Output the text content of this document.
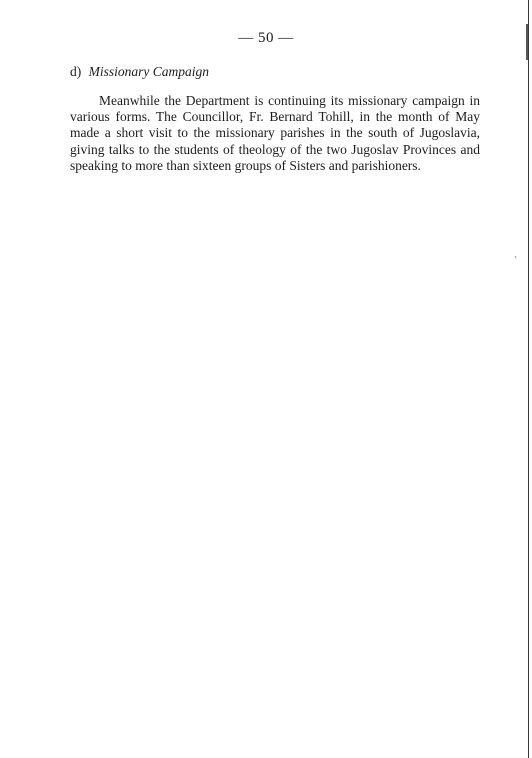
— 50 —
d) Missionary Campaign

Meanwhile the Department is continuing its missionary campaign in various forms. The Councillor, Fr. Bernard Tohill, in the month of May made a short visit to the missionary parishes in the south of Jugoslavia, giving talks to the students of theology of the two Jugoslav Provinces and speaking to more than sixteen groups of Sisters and parishioners.
